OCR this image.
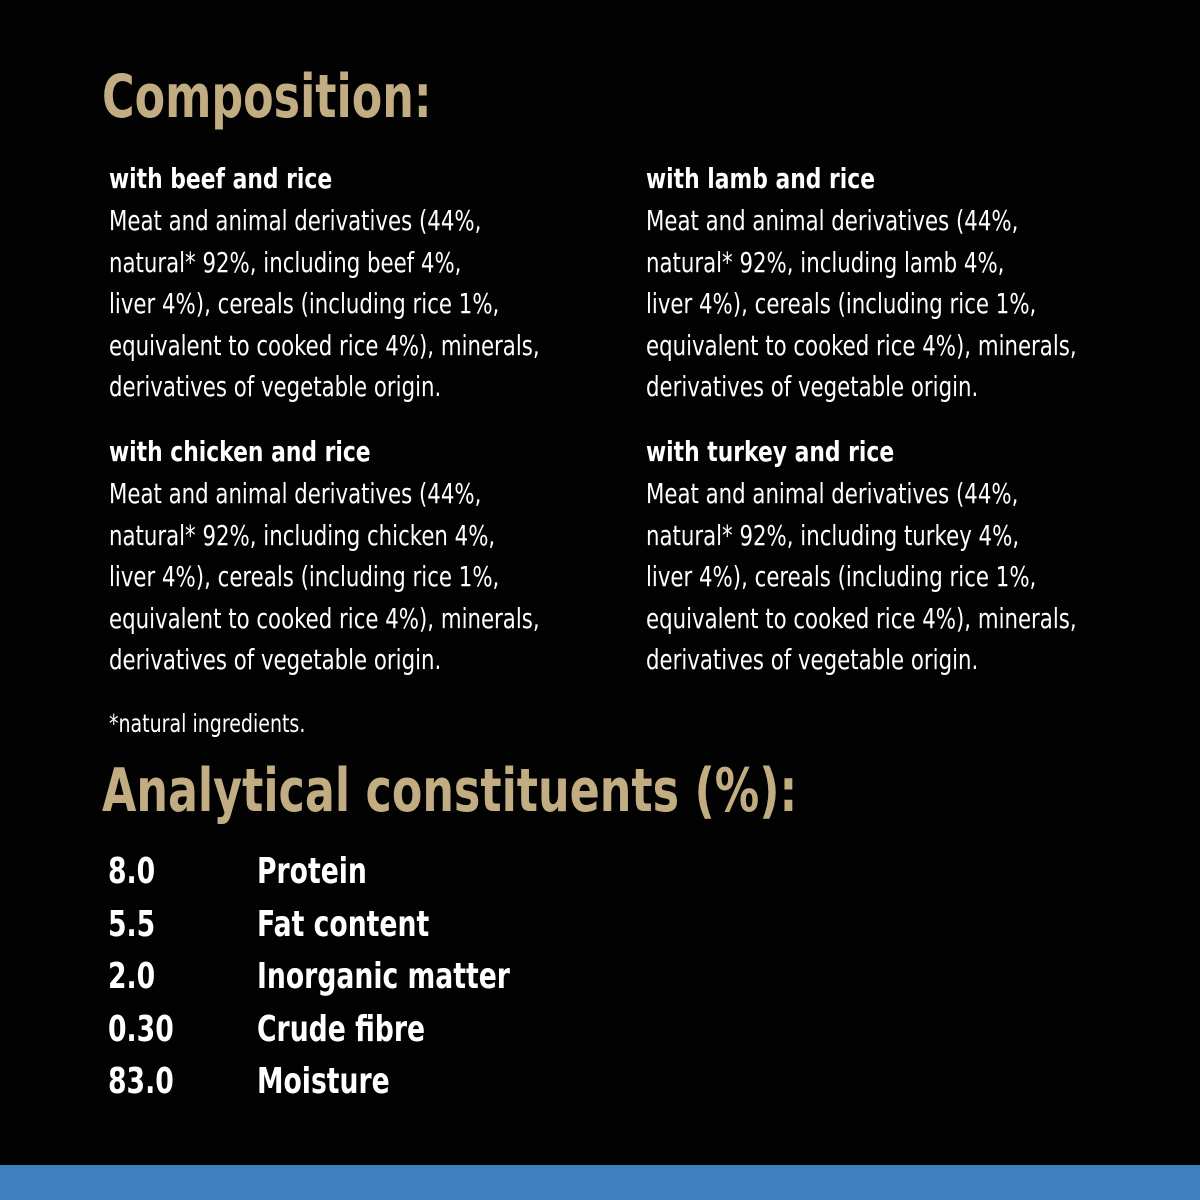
Composition:
with beef and rice
Meat and animal derivatives (44%,
natural* 92%, including beef 4%,
liver 4%), cereals (including rice 1%,
equivalent to cooked rice 4%), minerals,
derivatives of vegetable origin.
with lamb and rice
Meat and animal derivatives (44%,
natural* 92%, including lamb 4%,
liver 4%), cereals (including rice 1%,
equivalent to cooked rice 4%), minerals,
derivatives of vegetable origin.
with chicken and rice
Meat and animal derivatives (44%,
natural* 92%, including chicken 4%,
liver 4%), cereals (including rice 1%,
equivalent to cooked rice 4%), minerals,
derivatives of vegetable origin.
with turkey and rice
Meat and animal derivatives (44%,
natural* 92%, including turkey 4%,
liver 4%), cereals (including rice 1%,
equivalent to cooked rice 4%), minerals,
derivatives of vegetable origin.
*natural ingredients.
Analytical constituents (%):
8.0	Protein
5.5	Fat content
2.0	Inorganic matter
0.30 Crude fibre
83.0 Moisture
